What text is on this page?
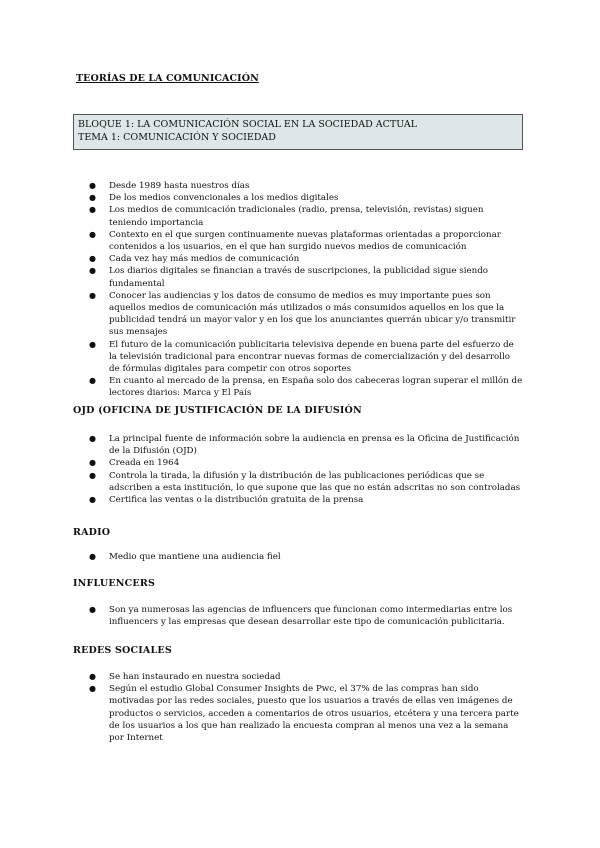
TEORÍAS DE LA COMUNICACIÓN
BLOQUE 1: LA COMUNICACIÓN SOCIAL EN LA SOCIEDAD ACTUAL
TEMA 1: COMUNICACIÓN Y SOCIEDAD
● Desde 1989 hasta nuestros días
● De los medios convencionales a los medios digitales
● Los medios de comunicación tradicionales (radio, prensa, televisión, revistas) siguen teniendo importancia
● Contexto en el que surgen continuamente nuevas plataformas orientadas a proporcionar contenidos a los usuarios, en el que han surgido nuevos medios de comunicación
● Cada vez hay más medios de comunicación
● Los diarios digitales se financian a través de suscripciones, la publicidad sigue siendo fundamental
● Conocer las audiencias y los datos de consumo de medios es muy importante pues son aquellos medios de comunicación más utilizados o más consumidos aquellos en los que la publicidad tendrá un mayor valor y en los que los anunciantes querrán ubicar y/o transmitir sus mensajes
● El futuro de la comunicación publicitaria televisiva depende en buena parte del esfuerzo de la televisión tradicional para encontrar nuevas formas de comercialización y del desarrollo de fórmulas digitales para competir con otros soportes
● En cuanto al mercado de la prensa, en España solo dos cabeceras logran superar el millón de lectores diarios: Marca y El País
OJD (OFICINA DE JUSTIFICACIÓN DE LA DIFUSIÓN
● La principal fuente de información sobre la audiencia en prensa es la Oficina de Justificación de la Difusión (OJD)
● Creada en 1964
● Controla la tirada, la difusión y la distribución de las publicaciones periódicas que se adscriben a esta institución, lo que supone que las que no están adscritas no son controladas
● Certifica las ventas o la distribución gratuita de la prensa
RADIO
● Medio que mantiene una audiencia fiel
INFLUENCERS
● Son ya numerosas las agencias de influencers que funcionan como intermediarias entre los influencers y las empresas que desean desarrollar este tipo de comunicación publicitaria.
REDES SOCIALES
● Se han instaurado en nuestra sociedad
● Según el estudio Global Consumer Insights de Pwc, el 37% de las compras han sido motivadas por las redes sociales, puesto que los usuarios a través de ellas ven imágenes de productos o servicios, acceden a comentarios de otros usuarios, etcétera y una tercera parte de los usuarios a los que han realizado la encuesta compran al menos una vez a la semana por Internet
